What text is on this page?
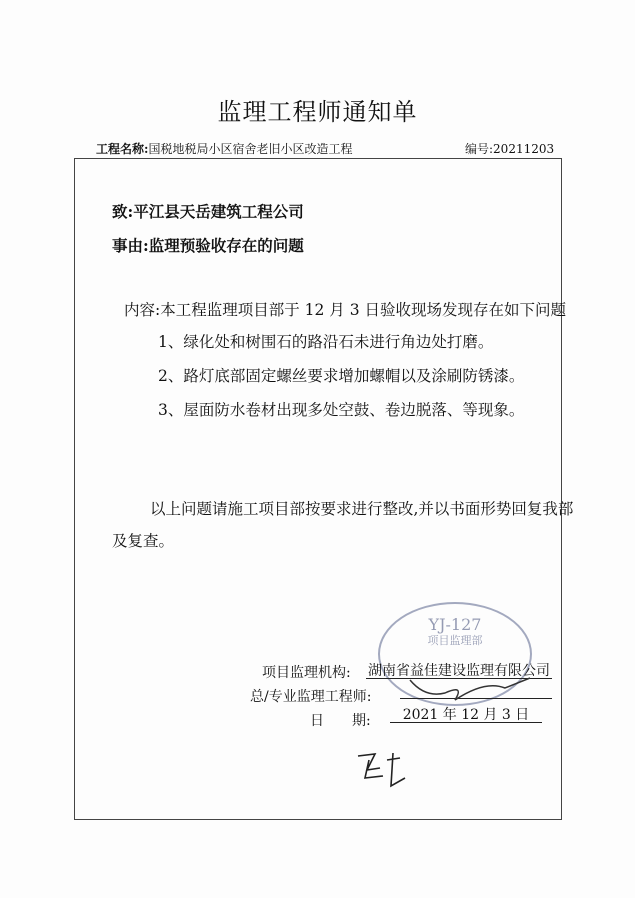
监理工程师通知单
工程名称:国税地税局小区宿舍老旧小区改造工程	编号:20211203
致:平江县天岳建筑工程公司
事由:监理预验收存在的问题
内容:本工程监理项目部于 12 月 3 日验收现场发现存在如下问题
1、绿化处和树围石的路沿石未进行角边处打磨。
2、路灯底部固定螺丝要求增加螺帽以及涂刷防锈漆。
3、屋面防水卷材出现多处空鼓、卷边脱落、等现象。
以上问题请施工项目部按要求进行整改,并以书面形势回复我部
及复查。
YJ-127
项目监理部
项目监理机构: 湖南省益佳建设监理有限公司
总/专业监理工程师:
日　　期:	2021 年 12 月 3 日
